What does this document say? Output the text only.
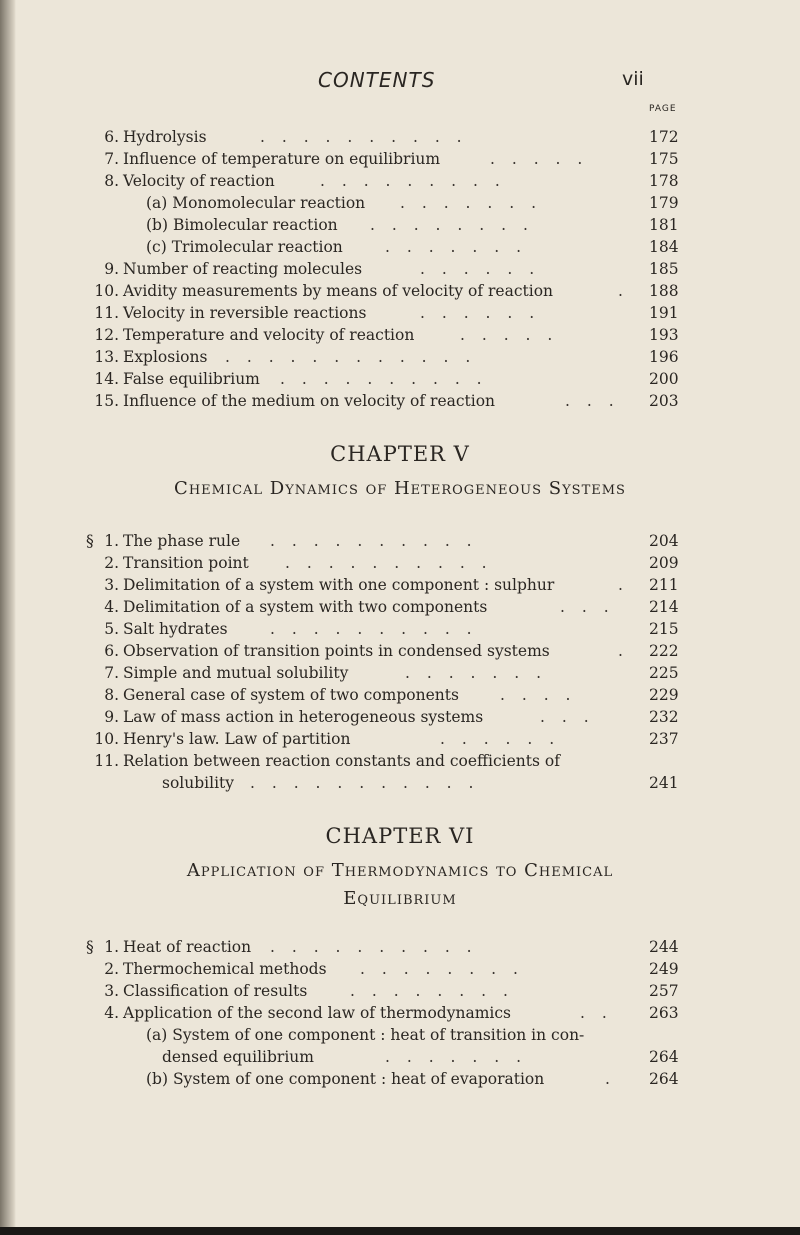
CONTENTS	vii
PAGE
6. Hydrolysis	. . . . . . . . . .	172
7. Influence of temperature on equilibrium	. . . . .	175
8. Velocity of reaction	. . . . . . . . .	178
(a) Monomolecular reaction . . . . . . .	179
(b) Bimolecular reaction . . . . . . . .	181
(c) Trimolecular reaction	. . . . . . .	184
9. Number of reacting molecules	. . . . . .	185
10. Avidity measurements by means of velocity of reaction	.	188
11. Velocity in reversible reactions	. . . . . .	191
12. Temperature and velocity of reaction	. . . . .	193
13. Explosions . . . . . . . . . . . .	196
14. False equilibrium . . . . . . . . . .	200
15. Influence of the medium on velocity of reaction	. . .	203
CHAPTER V
Chemical Dynamics of Heterogeneous Systems
§ 1. The phase rule . . . . . . . . . .	204
2. Transition point . . . . . . . . . .	209
3. Delimitation of a system with one component : sulphur	.	211
4. Delimitation of a system with two components	. . .	214
5. Salt hydrates	. . . . . . . . . .	215
6. Observation of transition points in condensed systems	.	222
7. Simple and mutual solubility	. . . . . . .	225
8. General case of system of two components	. . . .	229
9. Law of mass action in heterogeneous systems	. . .	232
10. Henry's law. Law of partition	. . . . . .	237
11. Relation between reaction constants and coefficients of
solubility . . . . . . . . . . .	241
CHAPTER VI
Application of Thermodynamics to Chemical
Equilibrium
§ 1. Heat of reaction . . . . . . . . . .	244
2. Thermochemical methods . . . . . . . .	249
3. Classification of results	. . . . . . . .	257
4. Application of the second law of thermodynamics	. .	263
(a) System of one component : heat of transition in con-
densed equilibrium	. . . . . . .	264
(b) System of one component : heat of evaporation	.	264
